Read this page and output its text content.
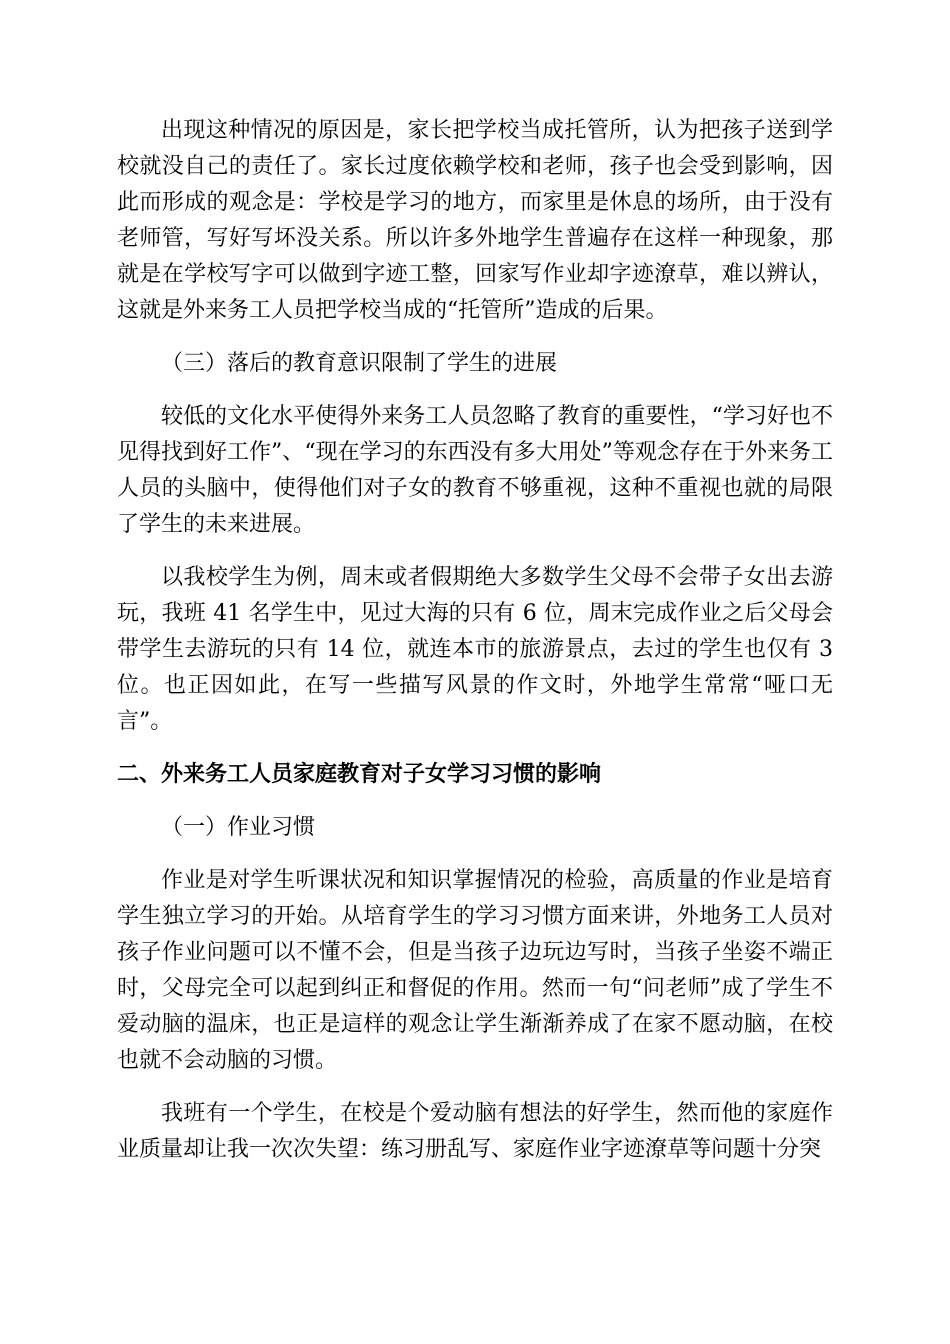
出现这种情况的原因是，家长把学校当成托管所，认为把孩子送到学校就没自己的责任了。家长过度依赖学校和老师，孩子也会受到影响，因此而形成的观念是：学校是学习的地方，而家里是休息的场所，由于没有老师管，写好写坏没关系。所以许多外地学生普遍存在这样一种现象，那就是在学校写字可以做到字迹工整，回家写作业却字迹潦草，难以辨认，这就是外来务工人员把学校当成的“托管所”造成的后果。

（三）落后的教育意识限制了学生的进展

较低的文化水平使得外来务工人员忽略了教育的重要性，“学习好也不见得找到好工作”、“现在学习的东西没有多大用处”等观念存在于外来务工人员的头脑中，使得他们对子女的教育不够重视，这种不重视也就的局限了学生的未来进展。

以我校学生为例，周末或者假期绝大多数学生父母不会带子女出去游玩，我班 41 名学生中，见过大海的只有 6 位，周末完成作业之后父母会带学生去游玩的只有 14 位，就连本市的旅游景点，去过的学生也仅有 3 位。也正因如此，在写一些描写风景的作文时，外地学生常常“哑口无言”。

二、外来务工人员家庭教育对子女学习习惯的影响

（一）作业习惯

作业是对学生听课状况和知识掌握情况的检验，高质量的作业是培育学生独立学习的开始。从培育学生的学习习惯方面来讲，外地务工人员对孩子作业问题可以不懂不会，但是当孩子边玩边写时，当孩子坐姿不端正时，父母完全可以起到纠正和督促的作用。然而一句“问老师”成了学生不爱动脑的温床，也正是這样的观念让学生渐渐养成了在家不愿动脑，在校也就不会动脑的习惯。

我班有一个学生，在校是个爱动脑有想法的好学生，然而他的家庭作业质量却让我一次次失望：练习册乱写、家庭作业字迹潦草等问题十分突
